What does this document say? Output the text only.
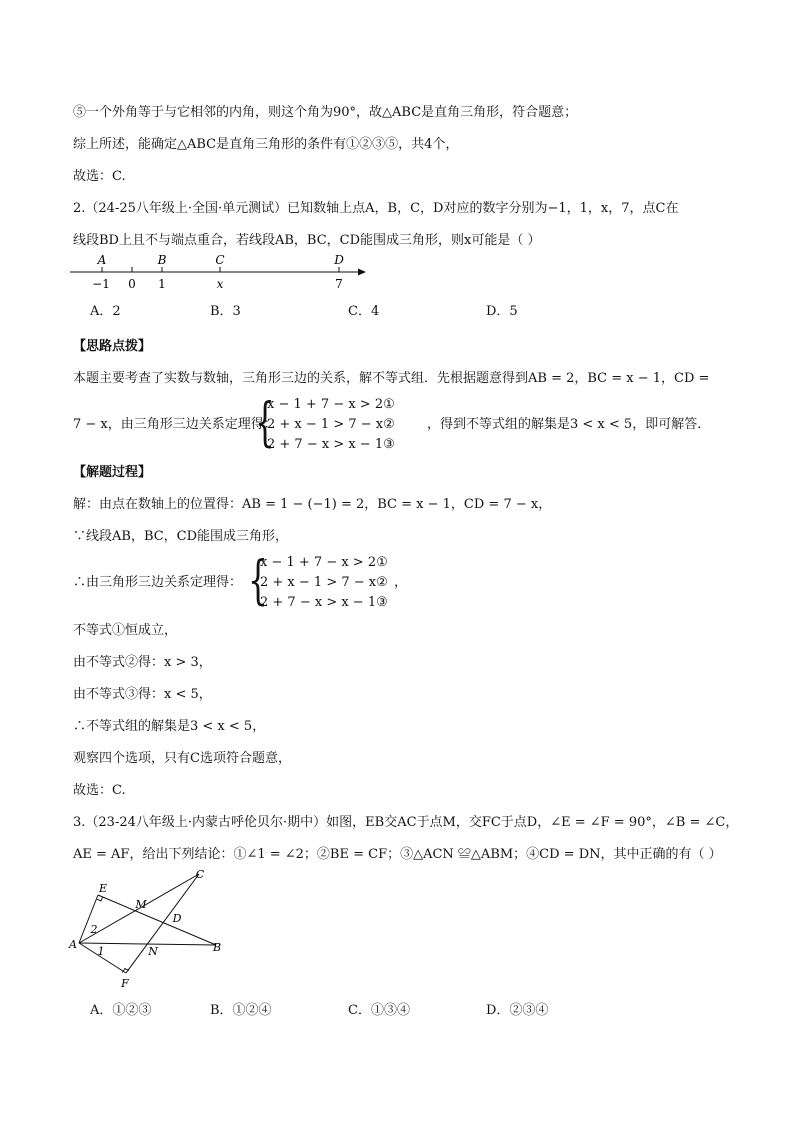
⑤一个外角等于与它相邻的内角，则这个角为90°，故△ABC是直角三角形，符合题意；
综上所述，能确定△ABC是直角三角形的条件有①②③⑤，共4个，
故选：C.
2.（24-25八年级上·全国·单元测试）已知数轴上点A，B，C，D对应的数字分别为−1，1，x，7，点C在
线段BD上且不与端点重合，若线段AB，BC，CD能围成三角形，则x可能是（ ）
A	B	C	D
−1 0 1	x	7
A．2	B．3	C．4	D．5
【思路点拨】
本题主要考查了实数与数轴，三角形三边的关系，解不等式组．先根据题意得到AB = 2，BC = x − 1，CD =
7 − x，由三角形三边关系定理得：
{
x − 1 + 7 − x > 2①
2 + x − 1 > 7 − x②
2 + 7 − x > x − 1③
，得到不等式组的解集是3 < x < 5，即可解答．
【解题过程】
解：由点在数轴上的位置得：AB = 1 − (−1) = 2，BC = x − 1，CD = 7 − x，
∵线段AB，BC，CD能围成三角形，
∴由三角形三边关系定理得： {
x − 1 + 7 − x > 2①
2 + x − 1 > 7 − x②
2 + 7 − x > x − 1③
，
不等式①恒成立，
由不等式②得：x > 3，
由不等式③得：x < 5，
∴不等式组的解集是3 < x < 5，
观察四个选项，只有C选项符合题意，
故选：C.
3.（23-24八年级上·内蒙古呼伦贝尔·期中）如图，EB交AC于点M，交FC于点D，∠E = ∠F = 90°，∠B = ∠C，
AE = AF，给出下列结论：①∠1 = ∠2；②BE = CF；③△ACN ≌△ABM；④CD = DN，其中正确的有（ ）
E
C
M
D
2
A
1	N	B
F
A．①②③	B．①②④	C．①③④	D．②③④
